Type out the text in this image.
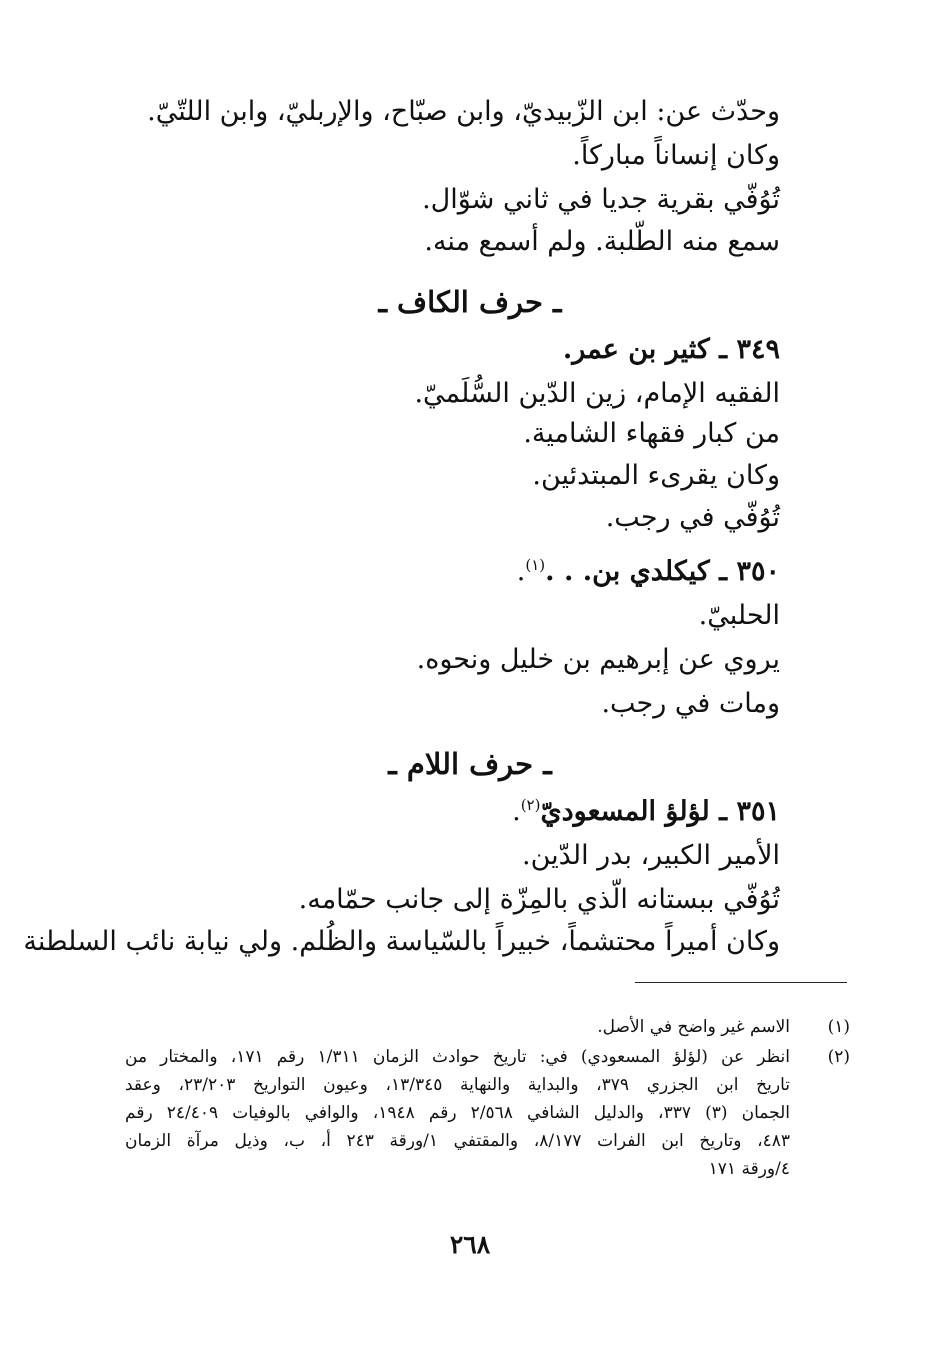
وحدّث عن: ابن الزّبيديّ، وابن صبّاح، والإربليّ، وابن اللتّيّ.
وكان إنساناً مباركاً.
تُوُفّي بقرية جديا في ثاني شوّال.
سمع منه الطّلبة. ولم أسمع منه.
ـ حرف الكاف ـ
٣٤٩ ـ كثير بن عمر.
الفقيه الإمام، زين الدّين السُّلَميّ.
من كبار فقهاء الشامية.
وكان يقرىء المبتدئين.
تُوُفّي في رجب.
٣٥٠ ـ كيكلدي بن. . .$^{(١)}$.
الحلبيّ.
يروي عن إبرهيم بن خليل ونحوه.
ومات في رجب.
ـ حرف اللام ـ
٣٥١ ـ لؤلؤ المسعوديّ$^{(٢)}$.
الأمير الكبير، بدر الدّين.
تُوُفّي ببستانه الّذي بالمِزّة إلى جانب حمّامه.
وكان أميراً محتشماً، خبيراً بالسّياسة والظُلم. ولي نيابة نائب السلطنة
(١)
الاسم غير واضح في الأصل.
(٢)
انظر عن (لؤلؤ المسعودي) في: تاريخ حوادث الزمان ١/٣١١ رقم ١٧١، والمختار من
تاريخ ابن الجزري ٣٧٩، والبداية والنهاية ١٣/٣٤٥، وعيون التواريخ ٢٣/٢٠٣، وعقد
الجمان (٣) ٣٣٧، والدليل الشافي ٢/٥٦٨ رقم ١٩٤٨، والوافي بالوفيات ٢٤/٤٠٩ رقم
٤٨٣، وتاريخ ابن الفرات ٨/١٧٧، والمقتفي ١/ورقة ٢٤٣ أ، ب، وذيل مرآة الزمان
٤/ورقة ١٧١
٢٦٨
